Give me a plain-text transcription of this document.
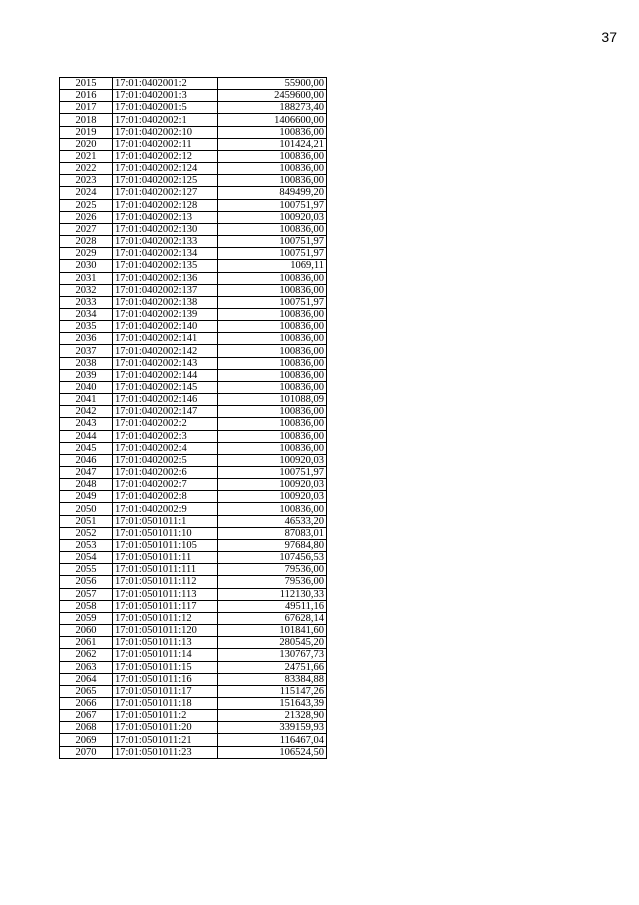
37
2015	17:01:0402001:2	55900,00
2016	17:01:0402001:3	2459600,00
2017	17:01:0402001:5	188273,40
2018	17:01:0402002:1	1406600,00
2019	17:01:0402002:10	100836,00
2020	17:01:0402002:11	101424,21
2021	17:01:0402002:12	100836,00
2022	17:01:0402002:124	100836,00
2023	17:01:0402002:125	100836,00
2024	17:01:0402002:127	849499,20
2025	17:01:0402002:128	100751,97
2026	17:01:0402002:13	100920,03
2027	17:01:0402002:130	100836,00
2028	17:01:0402002:133	100751,97
2029	17:01:0402002:134	100751,97
2030	17:01:0402002:135	1069,11
2031	17:01:0402002:136	100836,00
2032	17:01:0402002:137	100836,00
2033	17:01:0402002:138	100751,97
2034	17:01:0402002:139	100836,00
2035	17:01:0402002:140	100836,00
2036	17:01:0402002:141	100836,00
2037	17:01:0402002:142	100836,00
2038	17:01:0402002:143	100836,00
2039	17:01:0402002:144	100836,00
2040	17:01:0402002:145	100836,00
2041	17:01:0402002:146	101088,09
2042	17:01:0402002:147	100836,00
2043	17:01:0402002:2	100836,00
2044	17:01:0402002:3	100836,00
2045	17:01:0402002:4	100836,00
2046	17:01:0402002:5	100920,03
2047	17:01:0402002:6	100751,97
2048	17:01:0402002:7	100920,03
2049	17:01:0402002:8	100920,03
2050	17:01:0402002:9	100836,00
2051	17:01:0501011:1	46533,20
2052	17:01:0501011:10	87083,01
2053	17:01:0501011:105	97684,80
2054	17:01:0501011:11	107456,53
2055	17:01:0501011:111	79536,00
2056	17:01:0501011:112	79536,00
2057	17:01:0501011:113	112130,33
2058	17:01:0501011:117	49511,16
2059	17:01:0501011:12	67628,14
2060	17:01:0501011:120	101841,60
2061	17:01:0501011:13	280545,20
2062	17:01:0501011:14	130767,73
2063	17:01:0501011:15	24751,66
2064	17:01:0501011:16	83384,88
2065	17:01:0501011:17	115147,26
2066	17:01:0501011:18	151643,39
2067	17:01:0501011:2	21328,90
2068	17:01:0501011:20	339159,93
2069	17:01:0501011:21	116467,04
2070	17:01:0501011:23	106524,50
